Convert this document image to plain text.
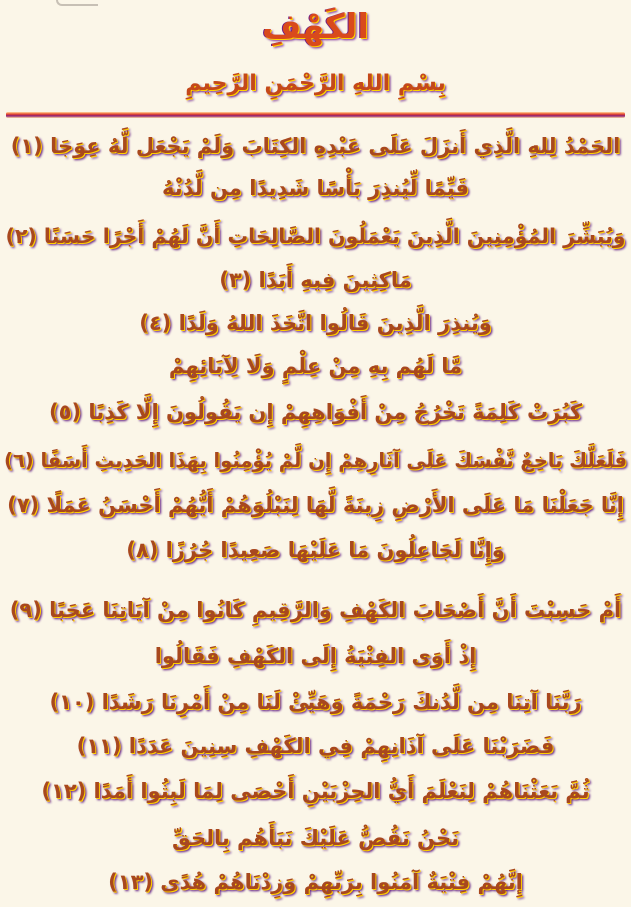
الكَهْفِ
بِسْمِ اللهِ الرَّحْمَنِ الرَّحِيمِ
الحَمْدُ لِلهِ الَّذِي أَنزَلَ عَلَى عَبْدِهِ الكِتَابَ وَلَمْ يَجْعَل لَّهُ عِوَجَا (١)
قَيِّمًا لِّيُنذِرَ بَأْسًا شَدِيدًا مِن لَّدُنْهُ
وَيُبَشِّرَ المُؤْمِنِينَ الَّذِينَ يَعْمَلُونَ الصَّالِحَاتِ أَنَّ لَهُمْ أَجْرًا حَسَنًا (٢)
مَاكِثِينَ فِيهِ أَبَدًا (٣)
وَيُنذِرَ الَّذِينَ قَالُوا اتَّخَذَ اللهُ وَلَدًا (٤)
مَّا لَهُم بِهِ مِنْ عِلْمٍ وَلَا لِآبَائِهِمْ
كَبُرَتْ كَلِمَةً تَخْرُجُ مِنْ أَفْوَاهِهِمْ إِن يَقُولُونَ إِلَّا كَذِبًا (٥)
فَلَعَلَّكَ بَاخِعٌ نَّفْسَكَ عَلَى آثَارِهِمْ إِن لَّمْ يُؤْمِنُوا بِهَذَا الحَدِيثِ أَسَفًا (٦)
إِنَّا جَعَلْنَا مَا عَلَى الأَرْضِ زِينَةً لَّهَا لِنَبْلُوَهُمْ أَيُّهُمْ أَحْسَنُ عَمَلًا (٧)
وَإِنَّا لَجَاعِلُونَ مَا عَلَيْهَا صَعِيدًا جُرُزًا (٨)
أَمْ حَسِبْتَ أَنَّ أَصْحَابَ الكَهْفِ وَالرَّقِيمِ كَانُوا مِنْ آيَاتِنَا عَجَبًا (٩)
إِذْ أَوَى الفِتْيَةُ إِلَى الكَهْفِ فَقَالُوا
رَبَّنَا آتِنَا مِن لَّدُنكَ رَحْمَةً وَهَيِّئْ لَنَا مِنْ أَمْرِنَا رَشَدًا (١٠)
فَضَرَبْنَا عَلَى آذَانِهِمْ فِي الكَهْفِ سِنِينَ عَدَدًا (١١)
ثُمَّ بَعَثْنَاهُمْ لِنَعْلَمَ أَيُّ الحِزْبَيْنِ أَحْصَى لِمَا لَبِثُوا أَمَدًا (١٢)
نَحْنُ نَقُصُّ عَلَيْكَ نَبَأَهُم بِالحَقِّ
إِنَّهُمْ فِتْيَةٌ آمَنُوا بِرَبِّهِمْ وَزِدْنَاهُمْ هُدًى (١٣)
